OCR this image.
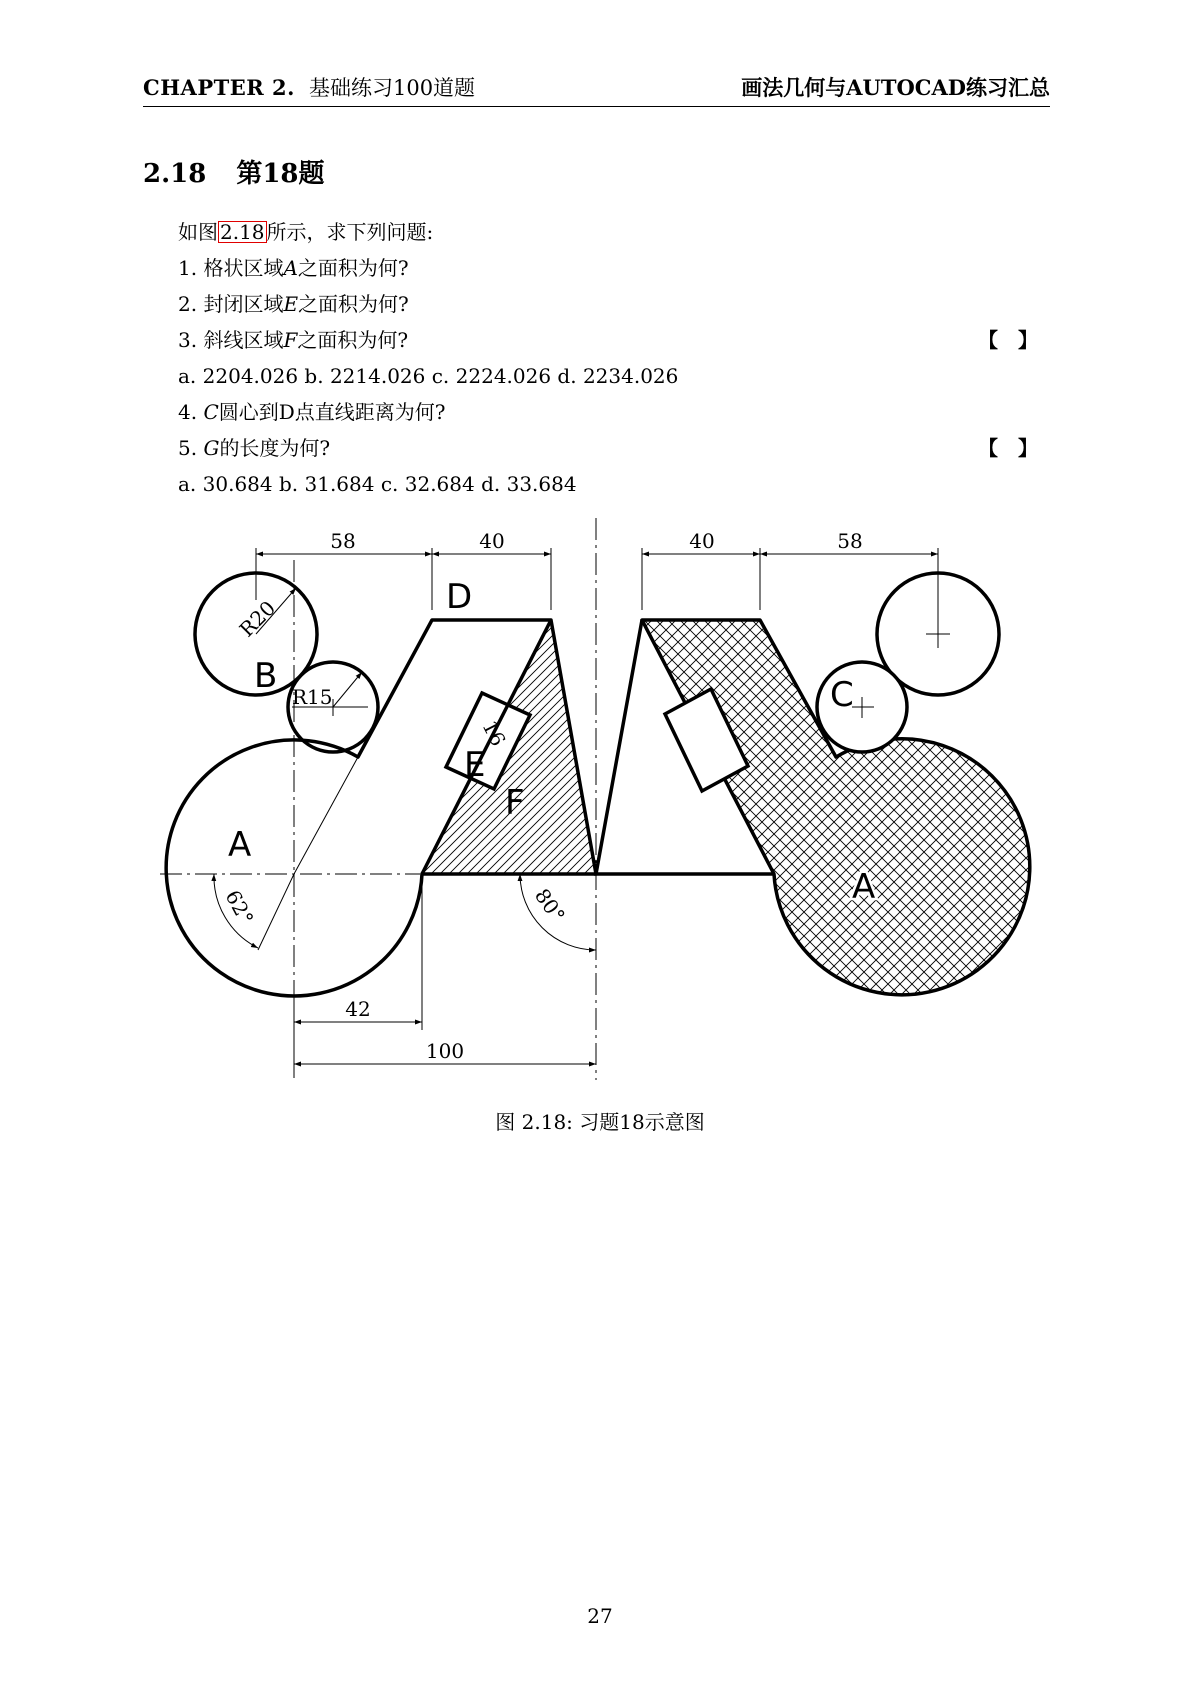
CHAPTER 2. 基础练习100道题	画法几何与AUTOCAD练习汇总
2.18 第18题
如图 2.18 所示，求下列问题:
1. 格状区域A之面积为何?
2. 封闭区域E之面积为何?
3. 斜线区域F之面积为何?	【　】
a. 2204.026 b. 2214.026 c. 2224.026 d. 2234.026
4. C圆心到D点直线距离为何?
5. G的长度为何?	【　】
a. 30.684 b. 31.684 c. 32.684 d. 33.684
58	40	40	58
R20
R15
16
62°	80°
42
100
A
B
D
E
F
C
A
图 2.18: 习题18示意图
27
